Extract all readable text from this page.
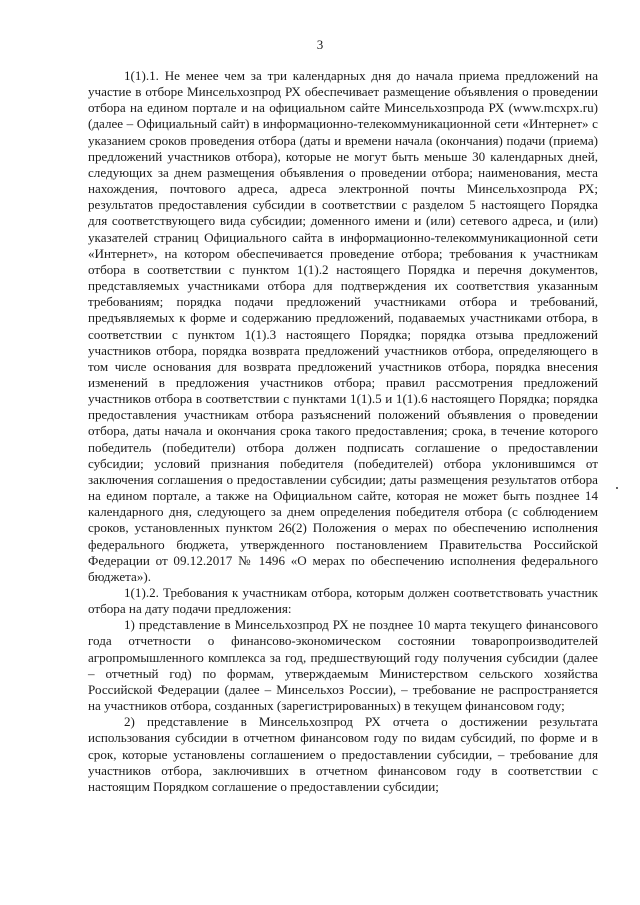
3

1(1).1. Не менее чем за три календарных дня до начала приема предложений на участие в отборе Минсельхозпрод РХ обеспечивает размещение объявления о проведении отбора на едином портале и на официальном сайте Минсельхозпрода РХ (www.mcxpx.ru) (далее – Официальный сайт) в информационно-телекоммуникационной сети «Интернет» с указанием сроков проведения отбора (даты и времени начала (окончания) подачи (приема) предложений участников отбора), которые не могут быть меньше 30 календарных дней, следующих за днем размещения объявления о проведении отбора; наименования, места нахождения, почтового адреса, адреса электронной почты Минсельхозпрода РХ; результатов предоставления субсидии в соответствии с разделом 5 настоящего Порядка для соответствующего вида субсидии; доменного имени и (или) сетевого адреса, и (или) указателей страниц Официального сайта в информационно-телекоммуникационной сети «Интернет», на котором обеспечивается проведение отбора; требования к участникам отбора в соответствии с пунктом 1(1).2 настоящего Порядка и перечня документов, представляемых участниками отбора для подтверждения их соответствия указанным требованиям; порядка подачи предложений участниками отбора и требований, предъявляемых к форме и содержанию предложений, подаваемых участниками отбора, в соответствии с пунктом 1(1).3 настоящего Порядка; порядка отзыва предложений участников отбора, порядка возврата предложений участников отбора, определяющего в том числе основания для возврата предложений участников отбора, порядка внесения изменений в предложения участников отбора; правил рассмотрения предложений участников отбора в соответствии с пунктами 1(1).5 и 1(1).6 настоящего Порядка; порядка предоставления участникам отбора разъяснений положений объявления о проведении отбора, даты начала и окончания срока такого предоставления; срока, в течение которого победитель (победители) отбора должен подписать соглашение о предоставлении субсидии; условий признания победителя (победителей) отбора уклонившимся от заключения соглашения о предоставлении субсидии; даты размещения результатов отбора на едином портале, а также на Официальном сайте, которая не может быть позднее 14 календарного дня, следующего за днем определения победителя отбора (с соблюдением сроков, установленных пунктом 26(2) Положения о мерах по обеспечению исполнения федерального бюджета, утвержденного постановлением Правительства Российской Федерации от 09.12.2017 № 1496 «О мерах по обеспечению исполнения федерального бюджета»).

1(1).2. Требования к участникам отбора, которым должен соответствовать участник отбора на дату подачи предложения:

1) представление в Минсельхозпрод РХ не позднее 10 марта текущего финансового года отчетности о финансово-экономическом состоянии товаропроизводителей агропромышленного комплекса за год, предшествующий году получения субсидии (далее – отчетный год) по формам, утверждаемым Министерством сельского хозяйства Российской Федерации (далее – Минсельхоз России), – требование не распространяется на участников отбора, созданных (зарегистрированных) в текущем финансовом году;

2) представление в Минсельхозпрод РХ отчета о достижении результата использования субсидии в отчетном финансовом году по видам субсидий, по форме и в срок, которые установлены соглашением о предоставлении субсидии, – требование для участников отбора, заключивших в отчетном финансовом году в соответствии с настоящим Порядком соглашение о предоставлении субсидии;
